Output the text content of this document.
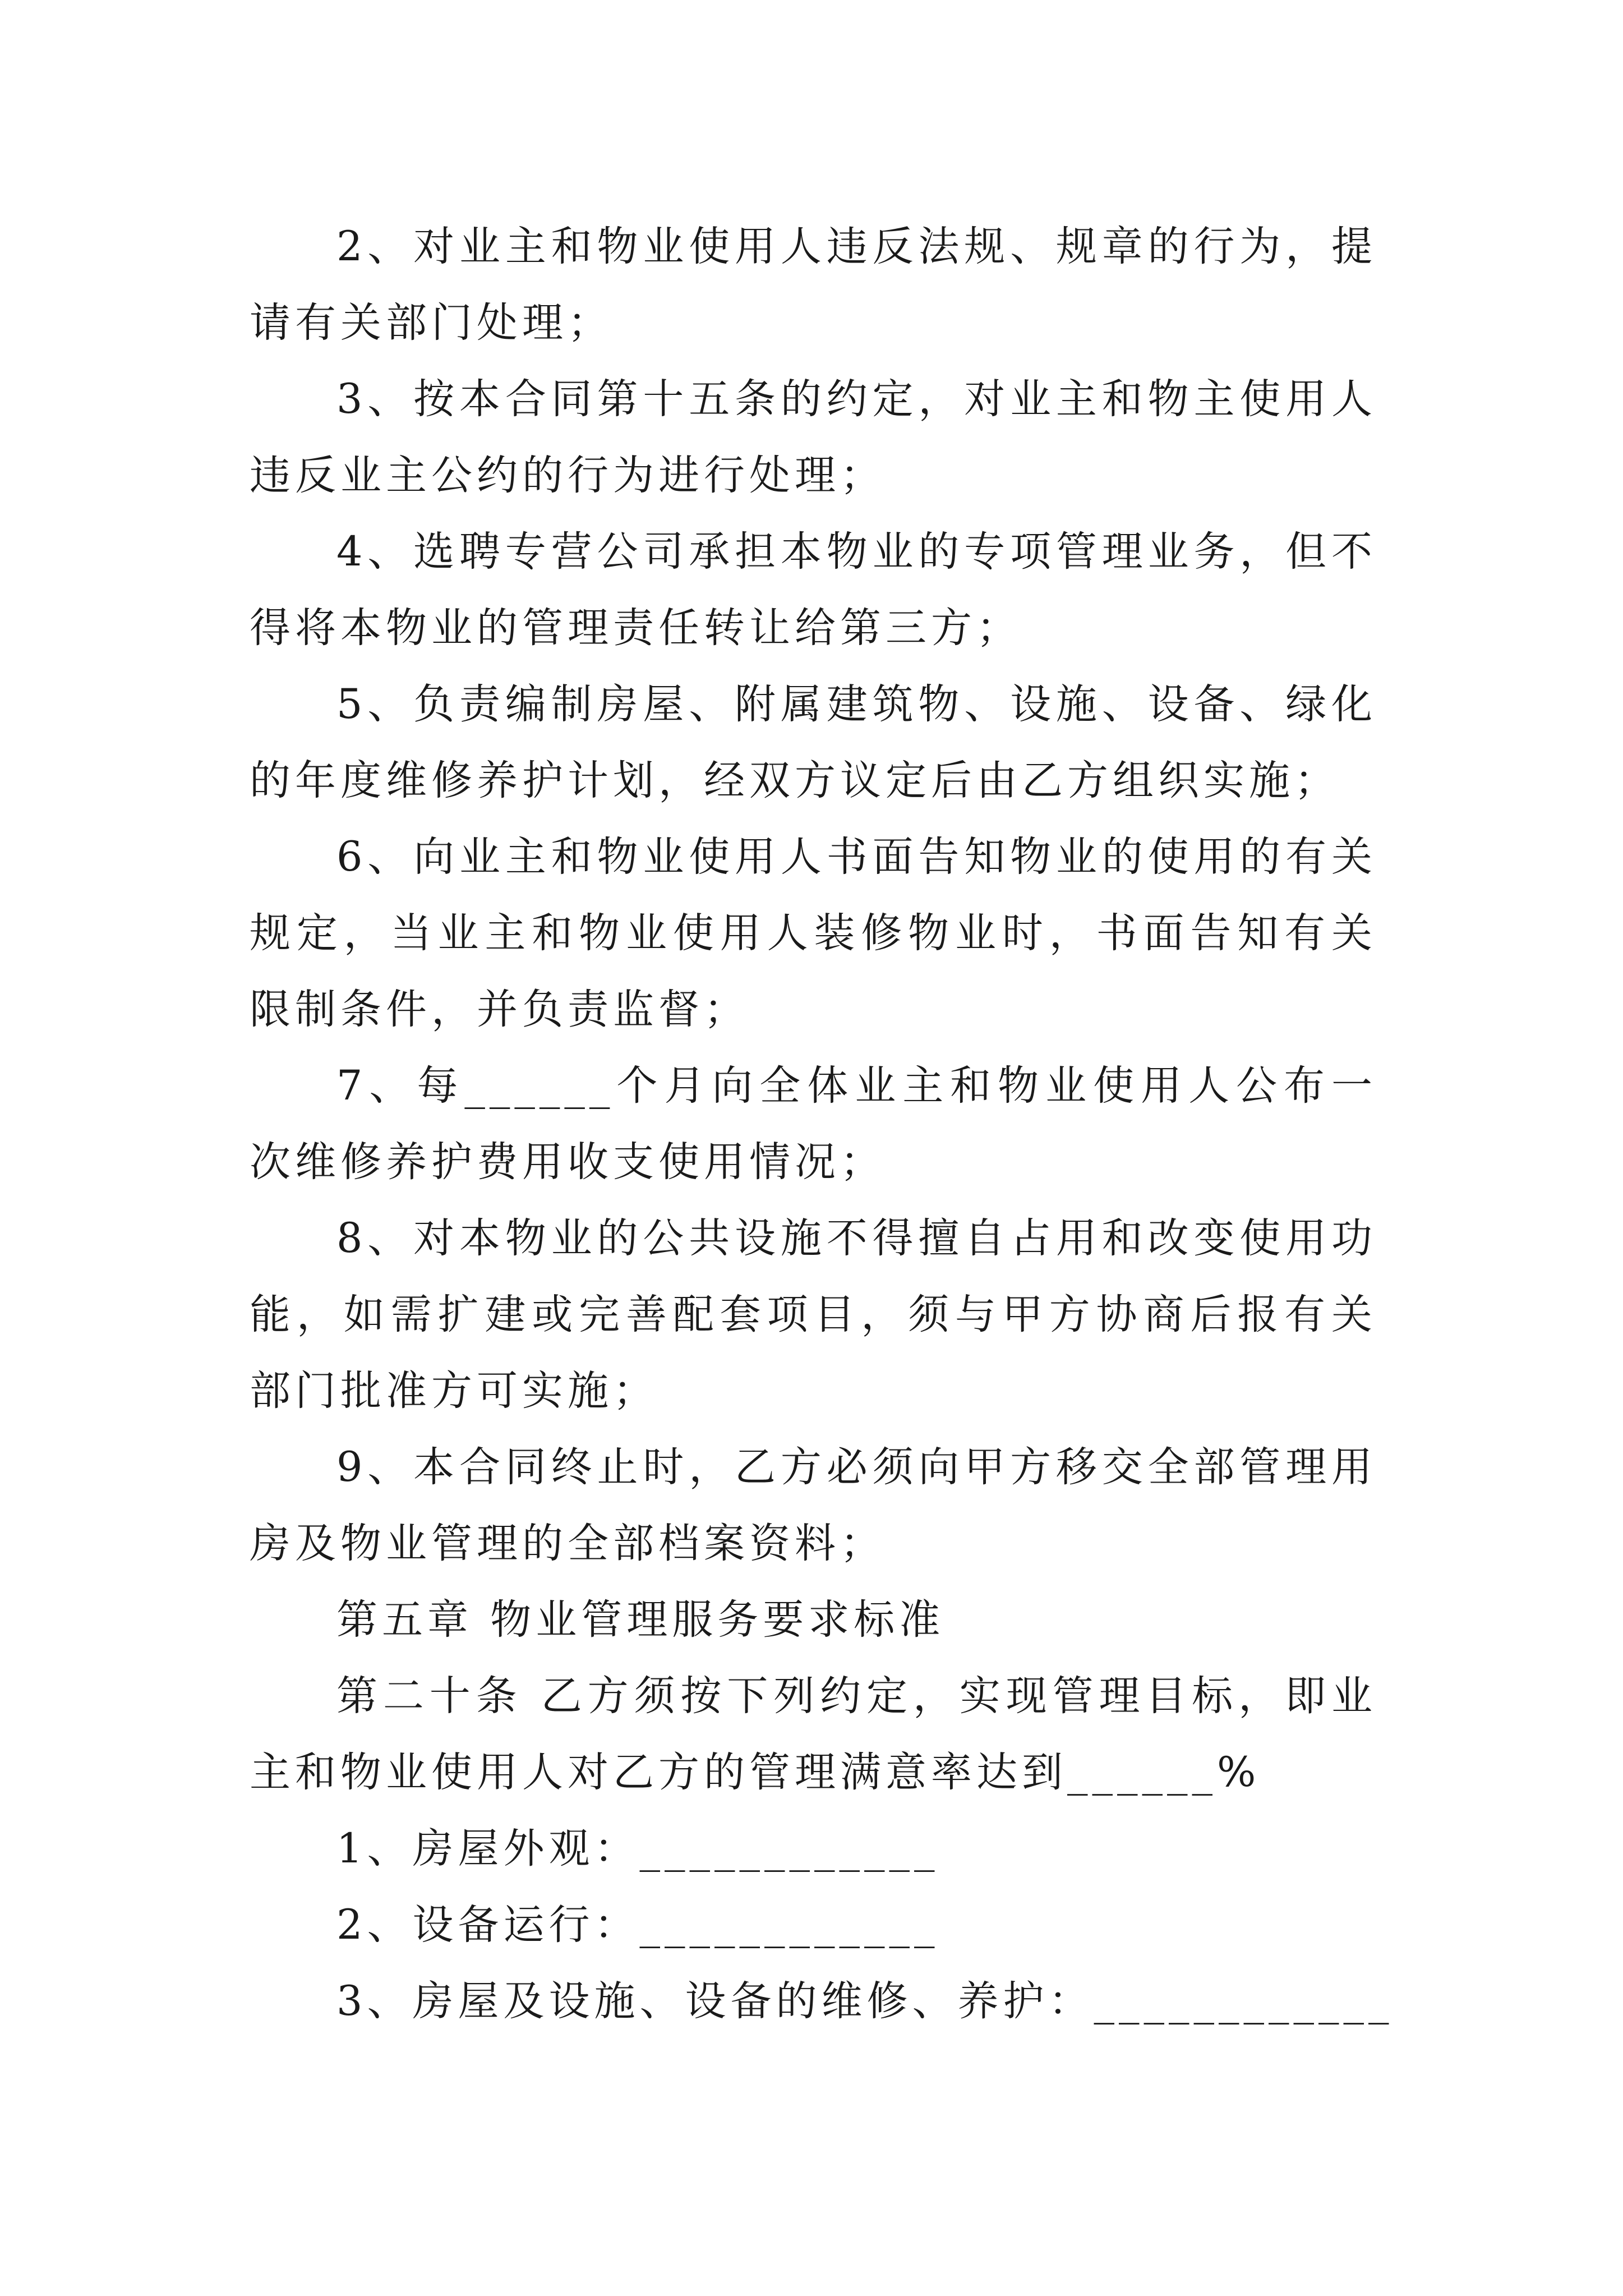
2、对业主和物业使用人违反法规、规章的行为，提请有关部门处理；

3、按本合同第十五条的约定，对业主和物主使用人违反业主公约的行为进行处理；

4、选聘专营公司承担本物业的专项管理业务，但不得将本物业的管理责任转让给第三方；

5、负责编制房屋、附属建筑物、设施、设备、绿化的年度维修养护计划，经双方议定后由乙方组织实施；

6、向业主和物业使用人书面告知物业的使用的有关规定，当业主和物业使用人装修物业时，书面告知有关限制条件，并负责监督；

7、每______个月向全体业主和物业使用人公布一次维修养护费用收支使用情况；

8、对本物业的公共设施不得擅自占用和改变使用功能，如需扩建或完善配套项目，须与甲方协商后报有关部门批准方可实施；

9、本合同终止时，乙方必须向甲方移交全部管理用房及物业管理的全部档案资料；

第五章 物业管理服务要求标准

第二十条 乙方须按下列约定，实现管理目标，即业主和物业使用人对乙方的管理满意率达到______%

1、房屋外观：____________

2、设备运行：____________

3、房屋及设施、设备的维修、养护：____________
